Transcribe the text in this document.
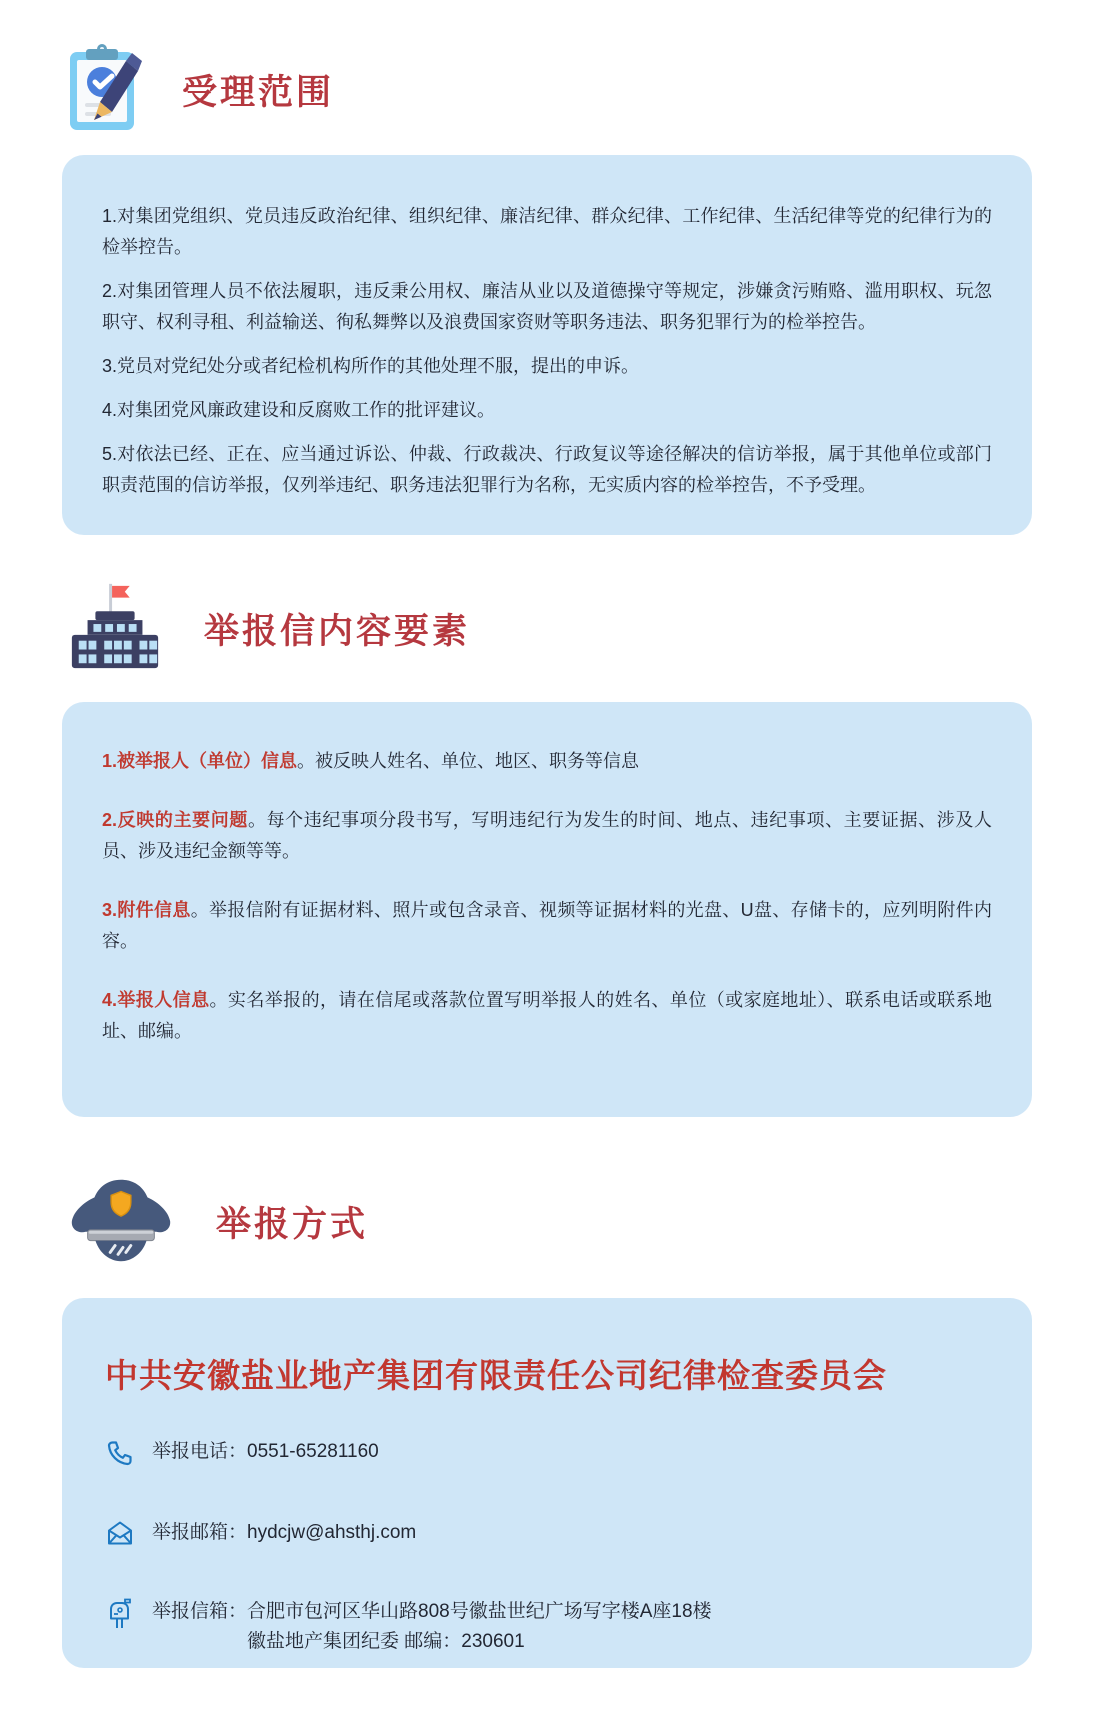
受理范围

1.对集团党组织、党员违反政治纪律、组织纪律、廉洁纪律、群众纪律、工作纪律、生活纪律等党的纪律行为的检举控告。

2.对集团管理人员不依法履职，违反秉公用权、廉洁从业以及道德操守等规定，涉嫌贪污贿赂、滥用职权、玩忽职守、权利寻租、利益输送、徇私舞弊以及浪费国家资财等职务违法、职务犯罪行为的检举控告。

3.党员对党纪处分或者纪检机构所作的其他处理不服，提出的申诉。

4.对集团党风廉政建设和反腐败工作的批评建议。

5.对依法已经、正在、应当通过诉讼、仲裁、行政裁决、行政复议等途径解决的信访举报，属于其他单位或部门职责范围的信访举报，仅列举违纪、职务违法犯罪行为名称，无实质内容的检举控告，不予受理。

举报信内容要素

1.被举报人（单位）信息。被反映人姓名、单位、地区、职务等信息

2.反映的主要问题。每个违纪事项分段书写，写明违纪行为发生的时间、地点、违纪事项、主要证据、涉及人员、涉及违纪金额等等。

3.附件信息。举报信附有证据材料、照片或包含录音、视频等证据材料的光盘、U盘、存储卡的，应列明附件内容。

4.举报人信息。实名举报的，请在信尾或落款位置写明举报人的姓名、单位（或家庭地址）、联系电话或联系地址、邮编。

举报方式

中共安徽盐业地产集团有限责任公司纪律检查委员会

举报电话：0551-65281160
举报邮箱：hydcjw@ahsthj.com
举报信箱：合肥市包河区华山路808号徽盐世纪广场写字楼A座18楼
徽盐地产集团纪委 邮编：230601
